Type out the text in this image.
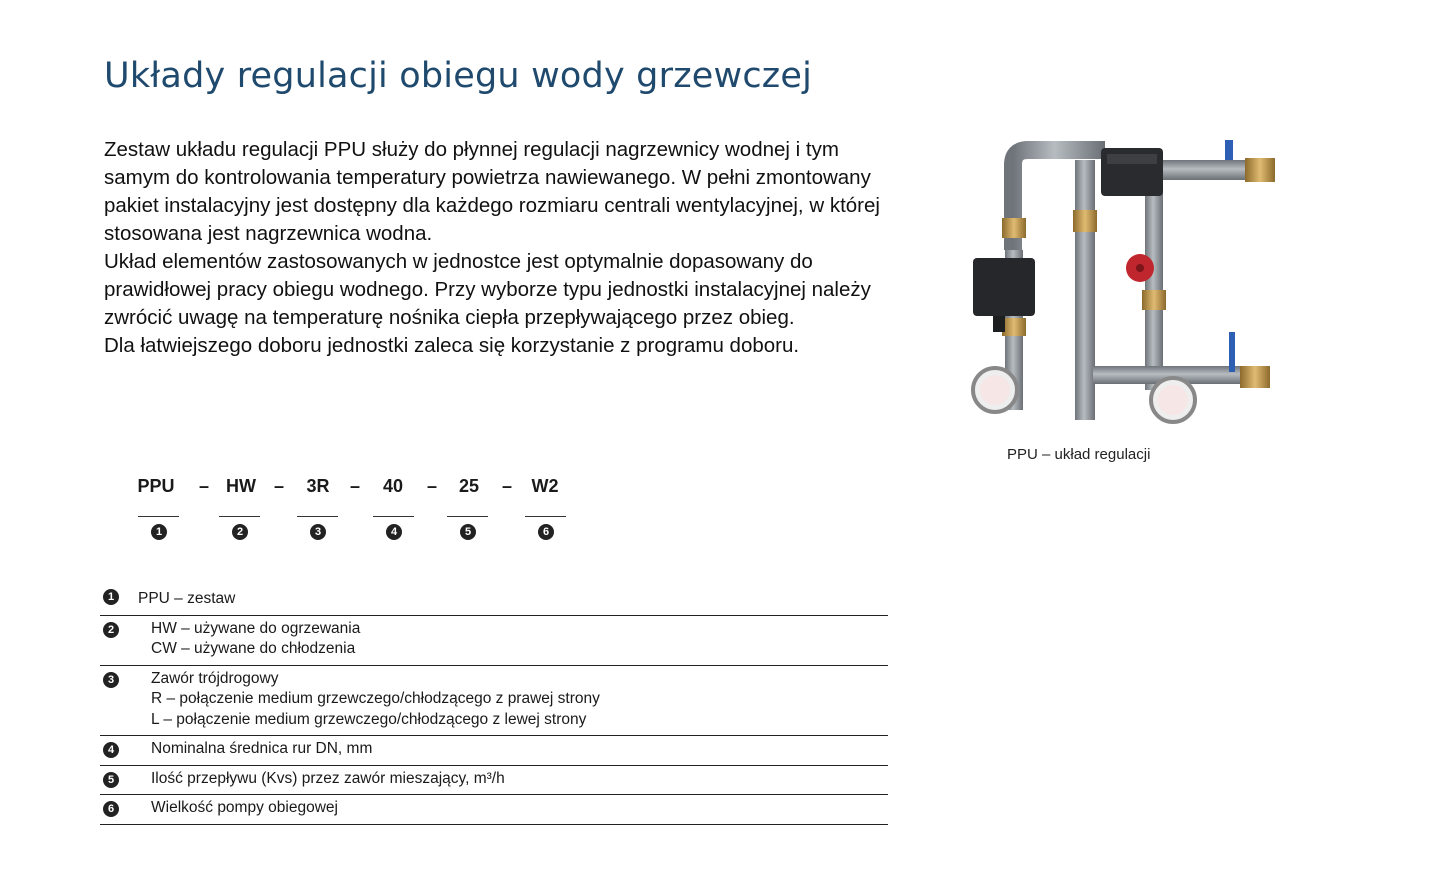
Układy regulacji obiegu wody grzewczej

Zestaw układu regulacji PPU służy do płynnej regulacji nagrzewnicy wodnej i tym samym do kontrolowania temperatury powietrza nawiewanego. W pełni zmontowany pakiet instalacyjny jest dostępny dla każdego rozmiaru centrali wentylacyjnej, w której stosowana jest nagrzewnica wodna.

Układ elementów zastosowanych w jednostce jest optymalnie dopasowany do prawidłowej pracy obiegu wodnego. Przy wyborze typu jednostki instalacyjnej należy zwrócić uwagę na temperaturę nośnika ciepła przepływającego przez obieg.

Dla łatwiejszego doboru jednostki zaleca się korzystanie z programu doboru.

PPU – układ regulacji
PPU – HW	–	3R	–	40	–	25	–	W2
1	2	3	4	5	6
1	PPU – zestaw
2	HW – używane do ogrzewania
CW – używane do chłodzenia
3	Zawór trójdrogowy
R – połączenie medium grzewczego/chłodzącego z prawej strony
L – połączenie medium grzewczego/chłodzącego z lewej strony
4	Nominalna średnica rur DN, mm
5	Ilość przepływu (Kvs) przez zawór mieszający, m³/h
6	Wielkość pompy obiegowej
